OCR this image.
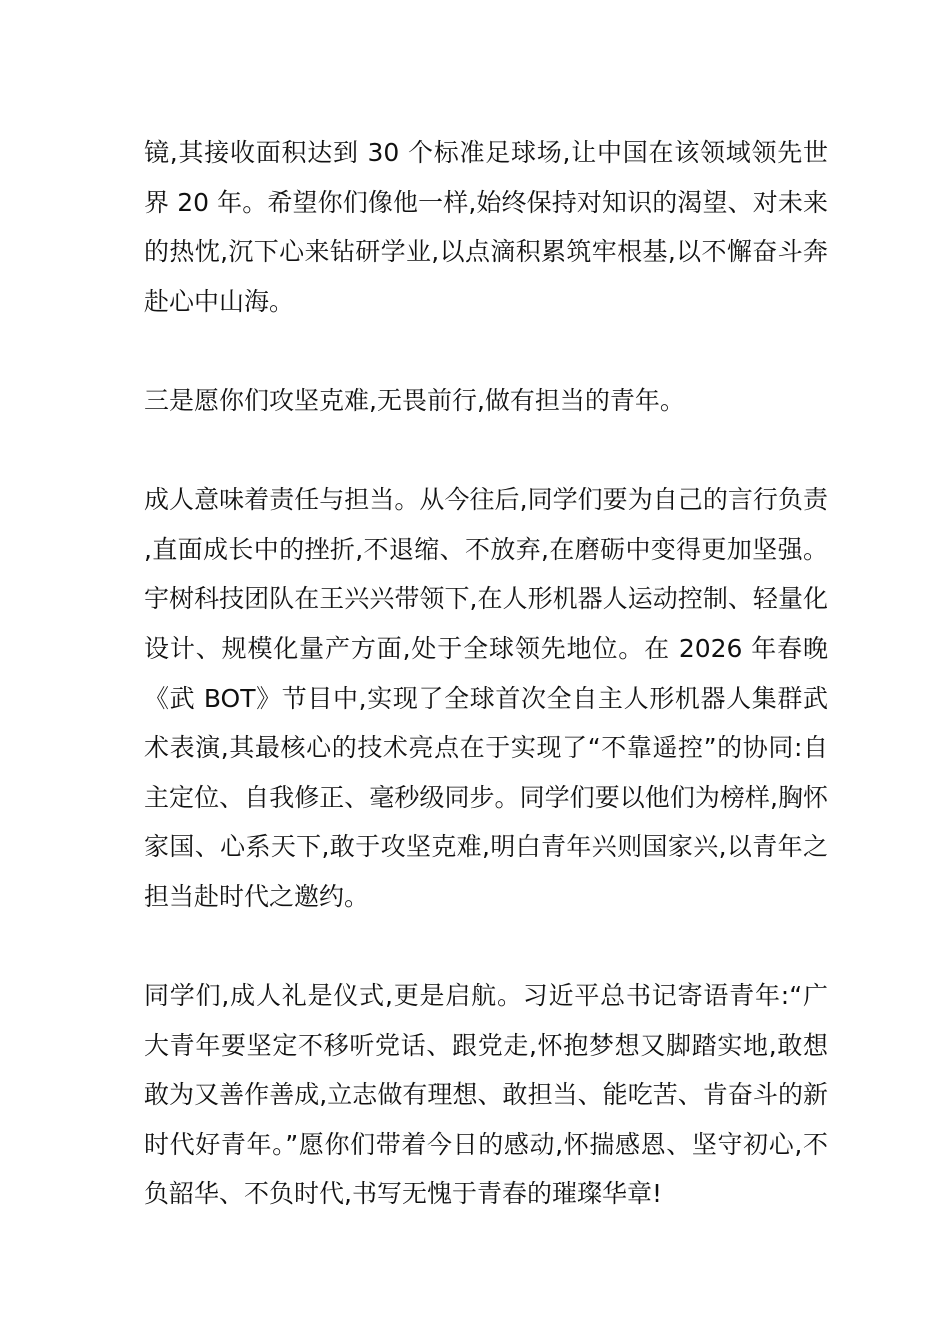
镜,其接收面积达到 30 个标准足球场,让中国在该领域领先世界 20 年。希望你们像他一样,始终保持对知识的渴望、对未来的热忱,沉下心来钻研学业,以点滴积累筑牢根基,以不懈奋斗奔赴心中山海。

三是愿你们攻坚克难,无畏前行,做有担当的青年。

成人意味着责任与担当。从今往后,同学们要为自己的言行负责,直面成长中的挫折,不退缩、不放弃,在磨砺中变得更加坚强。宇树科技团队在王兴兴带领下,在人形机器人运动控制、轻量化设计、规模化量产方面,处于全球领先地位。在 2026 年春晚《武 BOT》节目中,实现了全球首次全自主人形机器人集群武术表演,其最核心的技术亮点在于实现了“不靠遥控”的协同:自主定位、自我修正、毫秒级同步。同学们要以他们为榜样,胸怀家国、心系天下,敢于攻坚克难,明白青年兴则国家兴,以青年之担当赴时代之邀约。

同学们,成人礼是仪式,更是启航。习近平总书记寄语青年:“广大青年要坚定不移听党话、跟党走,怀抱梦想又脚踏实地,敢想敢为又善作善成,立志做有理想、敢担当、能吃苦、肯奋斗的新时代好青年。”愿你们带着今日的感动,怀揣感恩、坚守初心,不负韶华、不负时代,书写无愧于青春的璀璨华章!
